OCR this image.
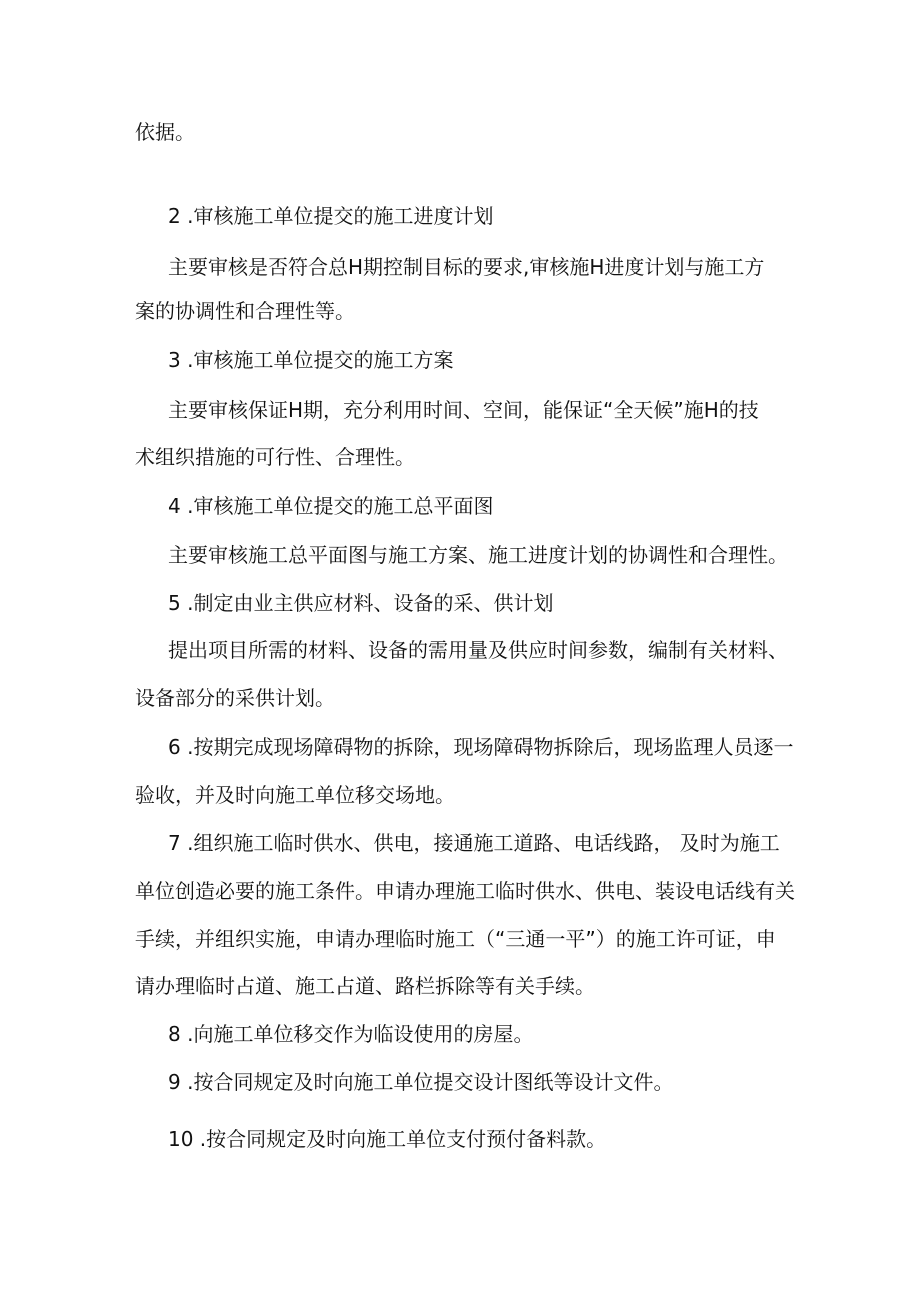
依据。

2 .审核施工单位提交的施工进度计划

主要审核是否符合总H期控制目标的要求,审核施H进度计划与施工方

案的协调性和合理性等。

3 .审核施工单位提交的施工方案

主要审核保证H期，充分利用时间、空间，能保证“全天候”施H的技

术组织措施的可行性、合理性。

4 .审核施工单位提交的施工总平面图

主要审核施工总平面图与施工方案、施工进度计划的协调性和合理性。

5 .制定由业主供应材料、设备的采、供计划

提出项目所需的材料、设备的需用量及供应时间参数，编制有关材料、

设备部分的采供计划。

6 .按期完成现场障碍物的拆除，现场障碍物拆除后，现场监理人员逐一

验收，并及时向施工单位移交场地。

7 .组织施工临时供水、供电，接通施工道路、电话线路， 及时为施工

单位创造必要的施工条件。申请办理施工临时供水、供电、装设电话线有关

手续，并组织实施，申请办理临时施工（“三通一平”）的施工许可证，申

请办理临时占道、施工占道、路栏拆除等有关手续。

8 .向施工单位移交作为临设使用的房屋。

9 .按合同规定及时向施工单位提交设计图纸等设计文件。

10 .按合同规定及时向施工单位支付预付备料款。
